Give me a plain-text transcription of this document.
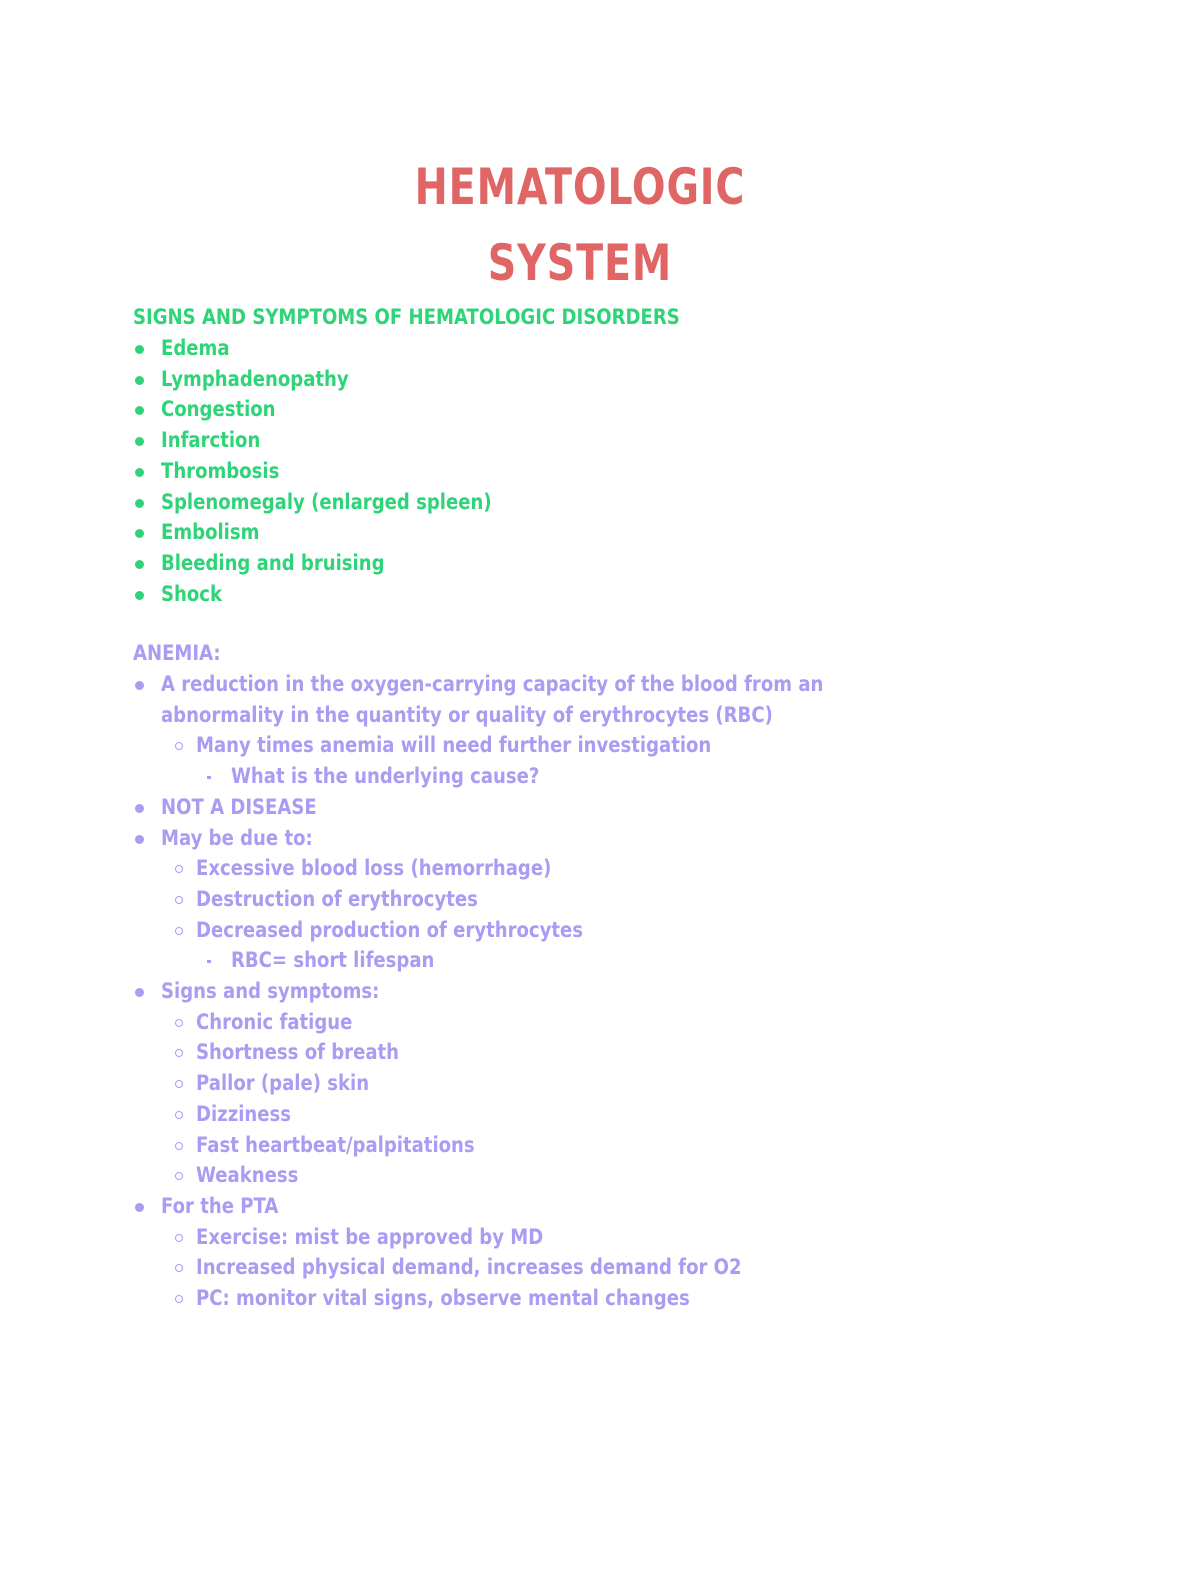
HEMATOLOGIC
SYSTEM
SIGNS AND SYMPTOMS OF HEMATOLOGIC DISORDERS
Edema
Lymphadenopathy
Congestion
Infarction
Thrombosis
Splenomegaly (enlarged spleen)
Embolism
Bleeding and bruising
Shock
ANEMIA:
A reduction in the oxygen-carrying capacity of the blood from an
abnormality in the quantity or quality of erythrocytes (RBC)
Many times anemia will need further investigation
What is the underlying cause?
NOT A DISEASE
May be due to:
Excessive blood loss (hemorrhage)
Destruction of erythrocytes
Decreased production of erythrocytes
RBC= short lifespan
Signs and symptoms:
Chronic fatigue
Shortness of breath
Pallor (pale) skin
Dizziness
Fast heartbeat/palpitations
Weakness
For the PTA
Exercise: mist be approved by MD
Increased physical demand, increases demand for O2
PC: monitor vital signs, observe mental changes
